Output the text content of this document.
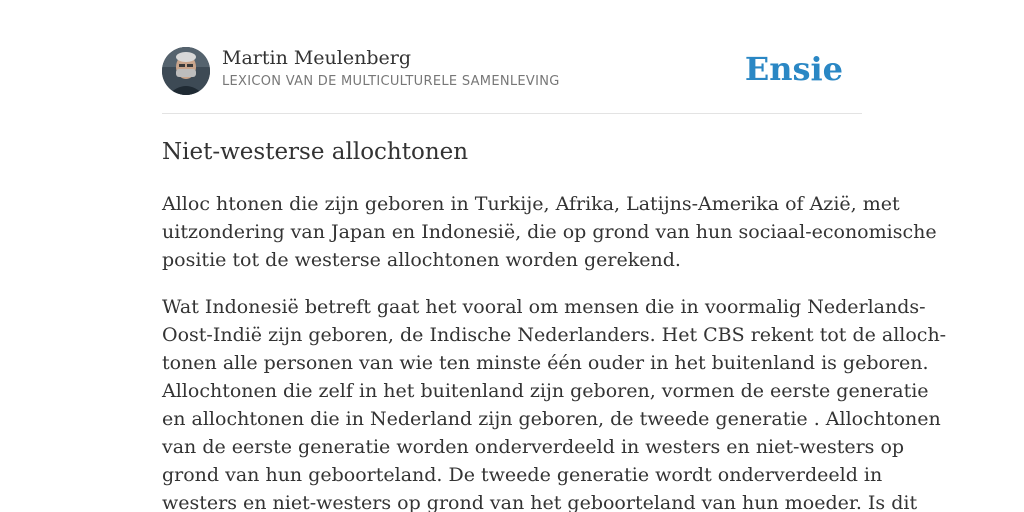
Martin Meulenberg
LEXICON VAN DE MULTICULTURELE SAMENLEVING	Ensie
Niet-westerse allochtonen

Alloc htonen die zijn geboren in Turkije, Afrika, Latijns-Amerika of Azië, met
uitzondering van Japan en Indonesië, die op grond van hun sociaal-economische
positie tot de westerse allochtonen worden gerekend.

Wat Indonesië betreft gaat het vooral om mensen die in voormalig Nederlands-
Oost-Indië zijn geboren, de Indische Nederlanders. Het CBS rekent tot de alloch-
tonen alle personen van wie ten minste één ouder in het buitenland is geboren.
Allochtonen die zelf in het buitenland zijn geboren, vormen de eerste generatie
en allochtonen die in Nederland zijn geboren, de tweede generatie . Allochtonen
van de eerste generatie worden onderverdeeld in westers en niet-westers op
grond van hun geboorteland. De tweede generatie wordt onderverdeeld in
westers en niet-westers op grond van het geboorteland van hun moeder. Is dit
